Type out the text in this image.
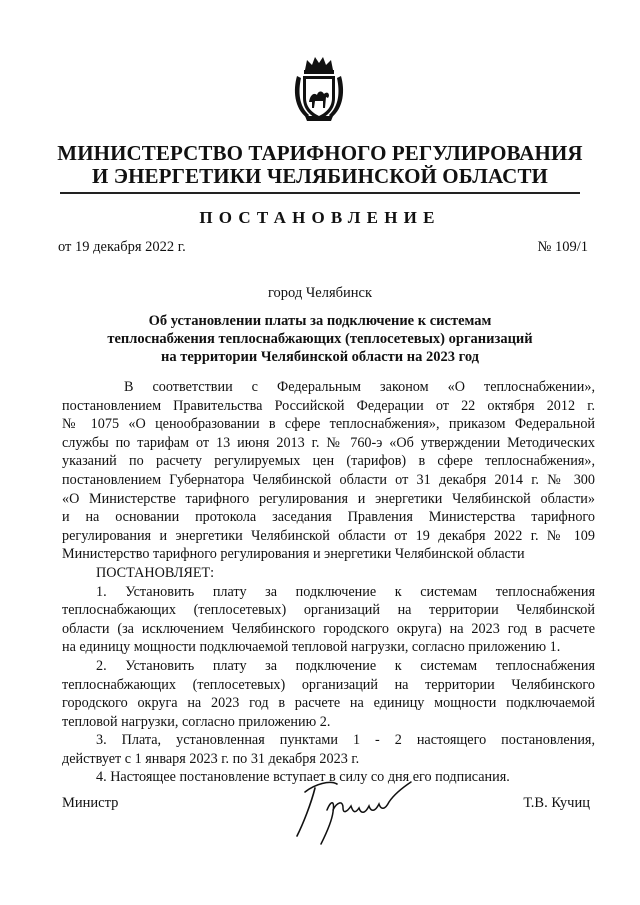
МИНИСТЕРСТВО ТАРИФНОГО РЕГУЛИРОВАНИЯ
И ЭНЕРГЕТИКИ ЧЕЛЯБИНСКОЙ ОБЛАСТИ
ПОСТАНОВЛЕНИЕ
от 19 декабря 2022 г.	№ 109/1
город Челябинск
Об установлении платы за подключение к системам
теплоснабжения теплоснабжающих (теплосетевых) организаций
на территории Челябинской области на 2023 год

В соответствии с Федеральным законом «О теплоснабжении»,

постановлением Правительства Российской Федерации от 22 октября 2012 г.

№ 1075 «О ценообразовании в сфере теплоснабжения», приказом Федеральной

службы по тарифам от 13 июня 2013 г. № 760-э «Об утверждении Методических

указаний по расчету регулируемых цен (тарифов) в сфере теплоснабжения»,

постановлением Губернатора Челябинской области от 31 декабря 2014 г. № 300

«О Министерстве тарифного регулирования и энергетики Челябинской области»

и на основании протокола заседания Правления Министерства тарифного

регулирования и энергетики Челябинской области от 19 декабря 2022 г. № 109

Министерство тарифного регулирования и энергетики Челябинской области

ПОСТАНОВЛЯЕТ:

1. Установить плату за подключение к системам теплоснабжения

теплоснабжающих (теплосетевых) организаций на территории Челябинской

области (за исключением Челябинского городского округа) на 2023 год в расчете

на единицу мощности подключаемой тепловой нагрузки, согласно приложению 1.

2. Установить плату за подключение к системам теплоснабжения

теплоснабжающих (теплосетевых) организаций на территории Челябинского

городского округа на 2023 год в расчете на единицу мощности подключаемой

тепловой нагрузки, согласно приложению 2.

3. Плата, установленная пунктами 1 - 2 настоящего постановления,

действует с 1 января 2023 г. по 31 декабря 2023 г.

4. Настоящее постановление вступает в силу со дня его подписания.

Министр	Т.В. Кучиц
